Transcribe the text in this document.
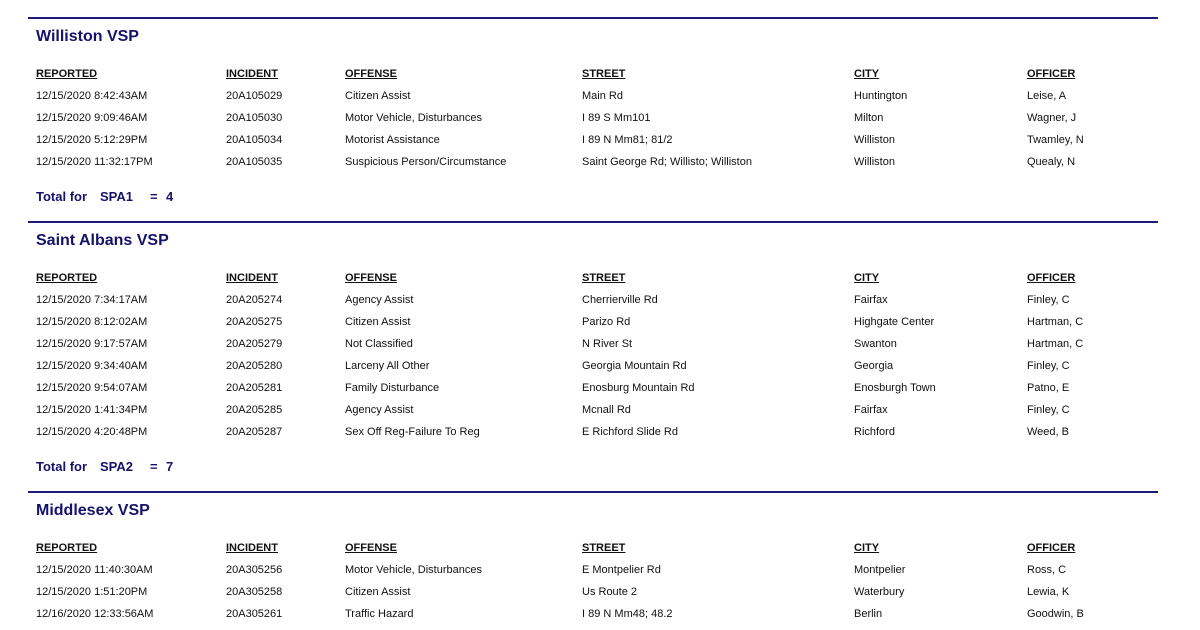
Williston VSP
REPORTED	INCIDENT	OFFENSE	STREET	CITY	OFFICER
12/15/2020 8:42:43AM	20A105029	Citizen Assist	Main Rd	Huntington	Leise, A
12/15/2020 9:09:46AM	20A105030	Motor Vehicle, Disturbances	I 89 S Mm101	Milton	Wagner, J
12/15/2020 5:12:29PM	20A105034	Motorist Assistance	I 89 N Mm81; 81/2	Williston	Twamley, N
12/15/2020 11:32:17PM	20A105035	Suspicious Person/Circumstance	Saint George Rd; Willisto; Williston	Williston	Quealy, N
Total for SPA1 = 4
Saint Albans VSP
REPORTED	INCIDENT	OFFENSE	STREET	CITY	OFFICER
12/15/2020 7:34:17AM	20A205274	Agency Assist	Cherrierville Rd	Fairfax	Finley, C
12/15/2020 8:12:02AM	20A205275	Citizen Assist	Parizo Rd	Highgate Center	Hartman, C
12/15/2020 9:17:57AM	20A205279	Not Classified	N River St	Swanton	Hartman, C
12/15/2020 9:34:40AM	20A205280	Larceny All Other	Georgia Mountain Rd	Georgia	Finley, C
12/15/2020 9:54:07AM	20A205281	Family Disturbance	Enosburg Mountain Rd	Enosburgh Town	Patno, E
12/15/2020 1:41:34PM	20A205285	Agency Assist	Mcnall Rd	Fairfax	Finley, C
12/15/2020 4:20:48PM	20A205287	Sex Off Reg-Failure To Reg	E Richford Slide Rd	Richford	Weed, B
Total for SPA2 = 7
Middlesex VSP
REPORTED	INCIDENT	OFFENSE	STREET	CITY	OFFICER
12/15/2020 11:40:30AM	20A305256	Motor Vehicle, Disturbances	E Montpelier Rd	Montpelier	Ross, C
12/15/2020 1:51:20PM	20A305258	Citizen Assist	Us Route 2	Waterbury	Lewia, K
12/16/2020 12:33:56AM	20A305261	Traffic Hazard	I 89 N Mm48; 48.2	Berlin	Goodwin, B
